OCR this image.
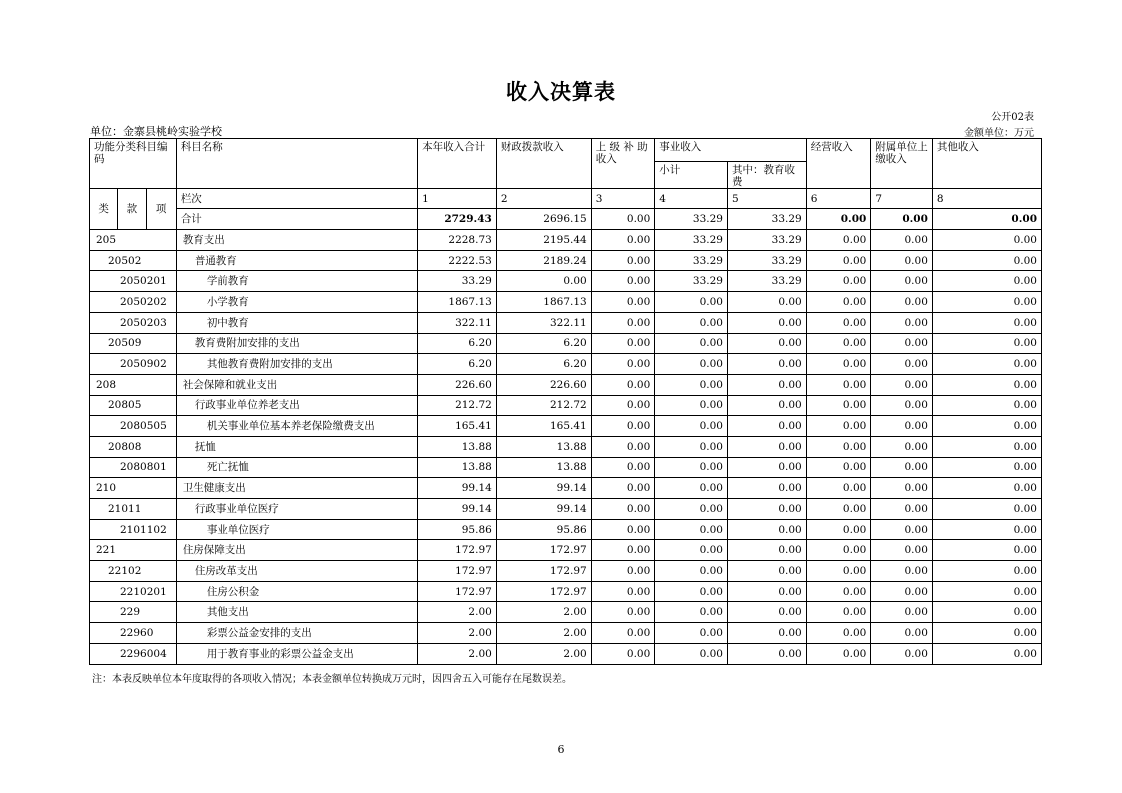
收入决算表
公开02表
单位：金寨县桃岭实验学校	金额单位：万元
功能分类科目编码			科目名称	本年收入合计	财政拨款收入	上 级 补 助 收入	事业收入		经营收入	附属单位上缴收入	其他收入
							小计	其中：教育收费			
类	款	项	栏次	1	2	3	4	5	6	7	8
			合计	2729.43	2696.15	0.00	33.29	33.29	0.00	0.00	0.00
205			教育支出	2228.73	2195.44	0.00	33.29	33.29	0.00	0.00	0.00
20502			普通教育	2222.53	2189.24	0.00	33.29	33.29	0.00	0.00	0.00
2050201			学前教育	33.29	0.00	0.00	33.29	33.29	0.00	0.00	0.00
2050202			小学教育	1867.13	1867.13	0.00	0.00	0.00	0.00	0.00	0.00
2050203			初中教育	322.11	322.11	0.00	0.00	0.00	0.00	0.00	0.00
20509			教育费附加安排的支出	6.20	6.20	0.00	0.00	0.00	0.00	0.00	0.00
2050902			其他教育费附加安排的支出	6.20	6.20	0.00	0.00	0.00	0.00	0.00	0.00
208			社会保障和就业支出	226.60	226.60	0.00	0.00	0.00	0.00	0.00	0.00
20805			行政事业单位养老支出	212.72	212.72	0.00	0.00	0.00	0.00	0.00	0.00
2080505			机关事业单位基本养老保险缴费支出	165.41	165.41	0.00	0.00	0.00	0.00	0.00	0.00
20808			抚恤	13.88	13.88	0.00	0.00	0.00	0.00	0.00	0.00
2080801			死亡抚恤	13.88	13.88	0.00	0.00	0.00	0.00	0.00	0.00
210			卫生健康支出	99.14	99.14	0.00	0.00	0.00	0.00	0.00	0.00
21011			行政事业单位医疗	99.14	99.14	0.00	0.00	0.00	0.00	0.00	0.00
2101102			事业单位医疗	95.86	95.86	0.00	0.00	0.00	0.00	0.00	0.00
221			住房保障支出	172.97	172.97	0.00	0.00	0.00	0.00	0.00	0.00
22102			住房改革支出	172.97	172.97	0.00	0.00	0.00	0.00	0.00	0.00
2210201			住房公积金	172.97	172.97	0.00	0.00	0.00	0.00	0.00	0.00
229			其他支出	2.00	2.00	0.00	0.00	0.00	0.00	0.00	0.00
22960			彩票公益金安排的支出	2.00	2.00	0.00	0.00	0.00	0.00	0.00	0.00
2296004			用于教育事业的彩票公益金支出	2.00	2.00	0.00	0.00	0.00	0.00	0.00	0.00
注：本表反映单位本年度取得的各项收入情况；本表金额单位转换成万元时，因四舍五入可能存在尾数误差。
6
